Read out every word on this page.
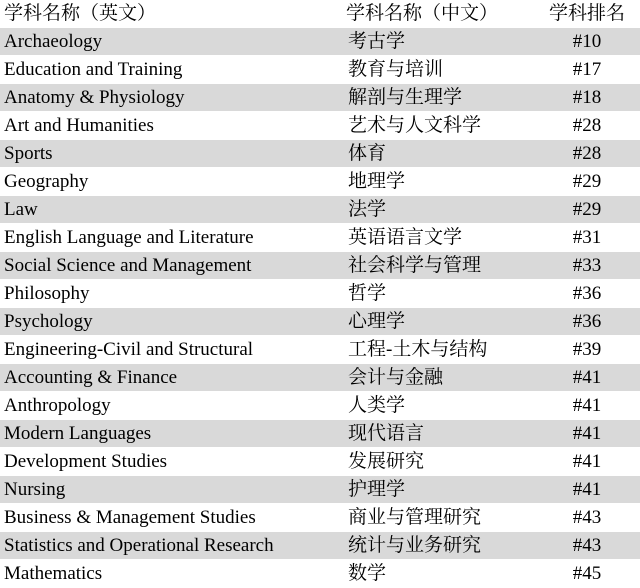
学科名称（英文）	学科名称（中文）	学科排名
Archaeology	考古学	#10
Education and Training	教育与培训	#17
Anatomy & Physiology	解剖与生理学	#18
Art and Humanities	艺术与人文科学	#28
Sports	体育	#28
Geography	地理学	#29
Law	法学	#29
English Language and Literature	英语语言文学	#31
Social Science and Management	社会科学与管理	#33
Philosophy	哲学	#36
Psychology	心理学	#36
Engineering-Civil and Structural	工程-土木与结构	#39
Accounting & Finance	会计与金融	#41
Anthropology	人类学	#41
Modern Languages	现代语言	#41
Development Studies	发展研究	#41
Nursing	护理学	#41
Business & Management Studies	商业与管理研究	#43
Statistics and Operational Research	统计与业务研究	#43
Mathematics	数学	#45
